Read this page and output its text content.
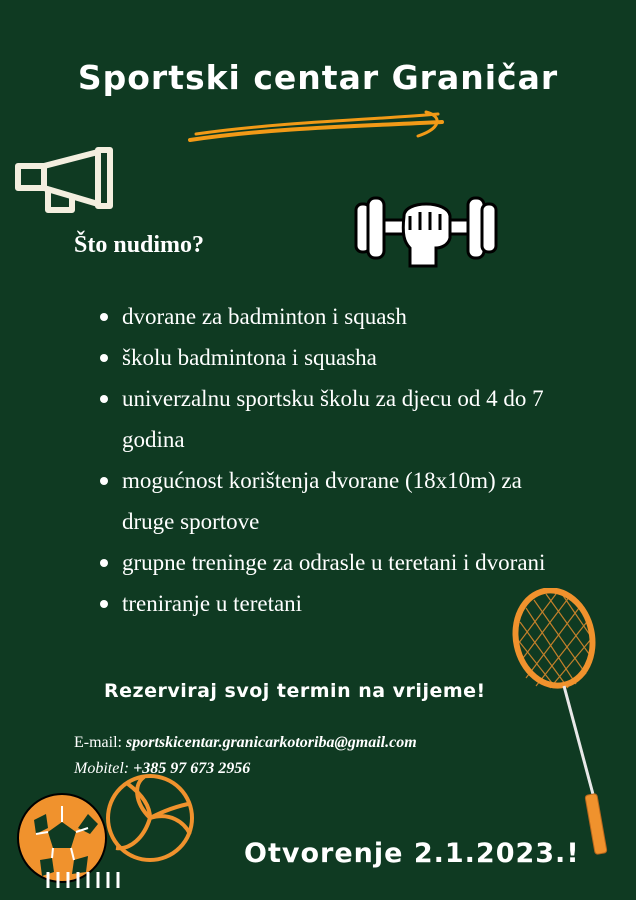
Sportski centar Graničar
Što nudimo?
dvorane za badminton i squash
školu badmintona i squasha
univerzalnu sportsku školu za djecu od 4 do 7 godina
mogućnost korištenja dvorane (18x10m) za druge sportove
grupne treninge za odrasle u teretani i dvorani
treniranje u teretani
Rezerviraj svoj termin na vrijeme!
E-mail: sportskicentar.granicarkotoriba@gmail.com
Mobitel: +385 97 673 2956
Otvorenje 2.1.2023.!
